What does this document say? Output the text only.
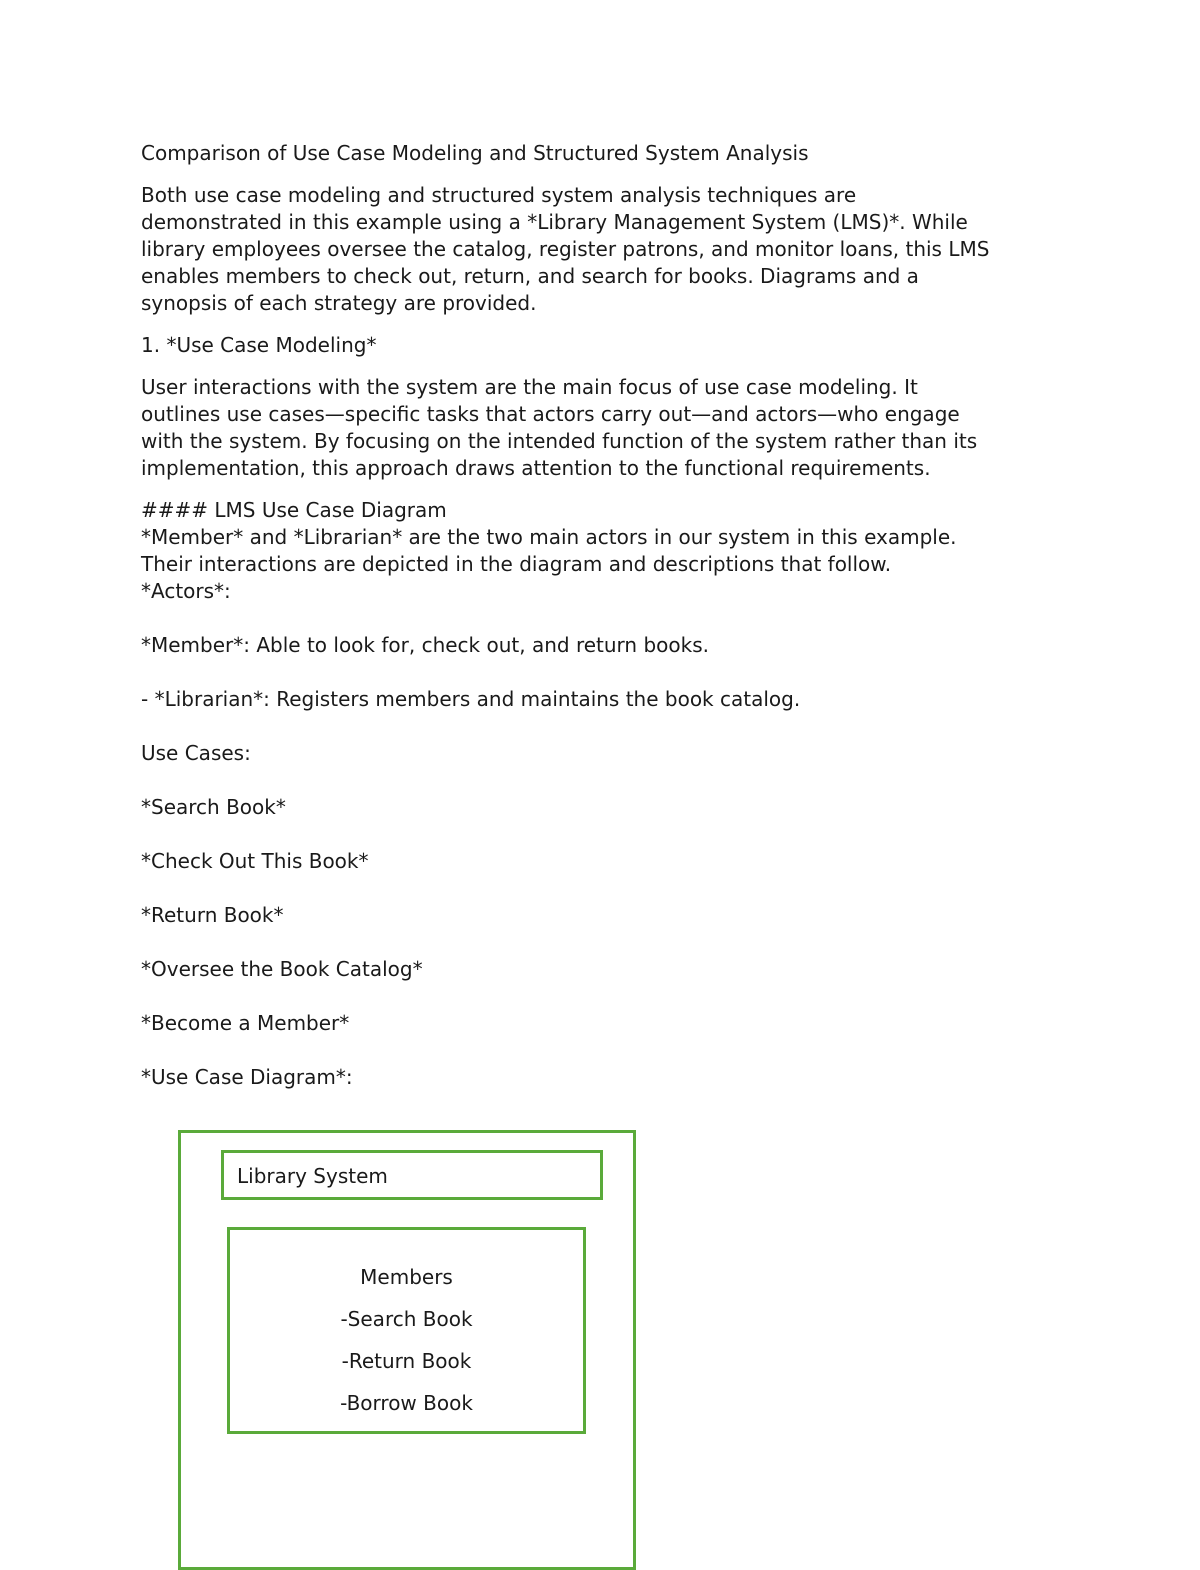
Comparison of Use Case Modeling and Structured System Analysis
Both use case modeling and structured system analysis techniques are
demonstrated in this example using a *Library Management System (LMS)*. While
library employees oversee the catalog, register patrons, and monitor loans, this LMS
enables members to check out, return, and search for books. Diagrams and a
synopsis of each strategy are provided.
1. *Use Case Modeling*
User interactions with the system are the main focus of use case modeling. It
outlines use cases—specific tasks that actors carry out—and actors—who engage
with the system. By focusing on the intended function of the system rather than its
implementation, this approach draws attention to the functional requirements.
#### LMS Use Case Diagram
*Member* and *Librarian* are the two main actors in our system in this example.
Their interactions are depicted in the diagram and descriptions that follow.
*Actors*:
*Member*: Able to look for, check out, and return books.
- *Librarian*: Registers members and maintains the book catalog.
Use Cases:
*Search Book*
*Check Out This Book*
*Return Book*
*Oversee the Book Catalog*
*Become a Member*
*Use Case Diagram*:
Library System
Members
-Search Book
-Return Book
-Borrow Book
